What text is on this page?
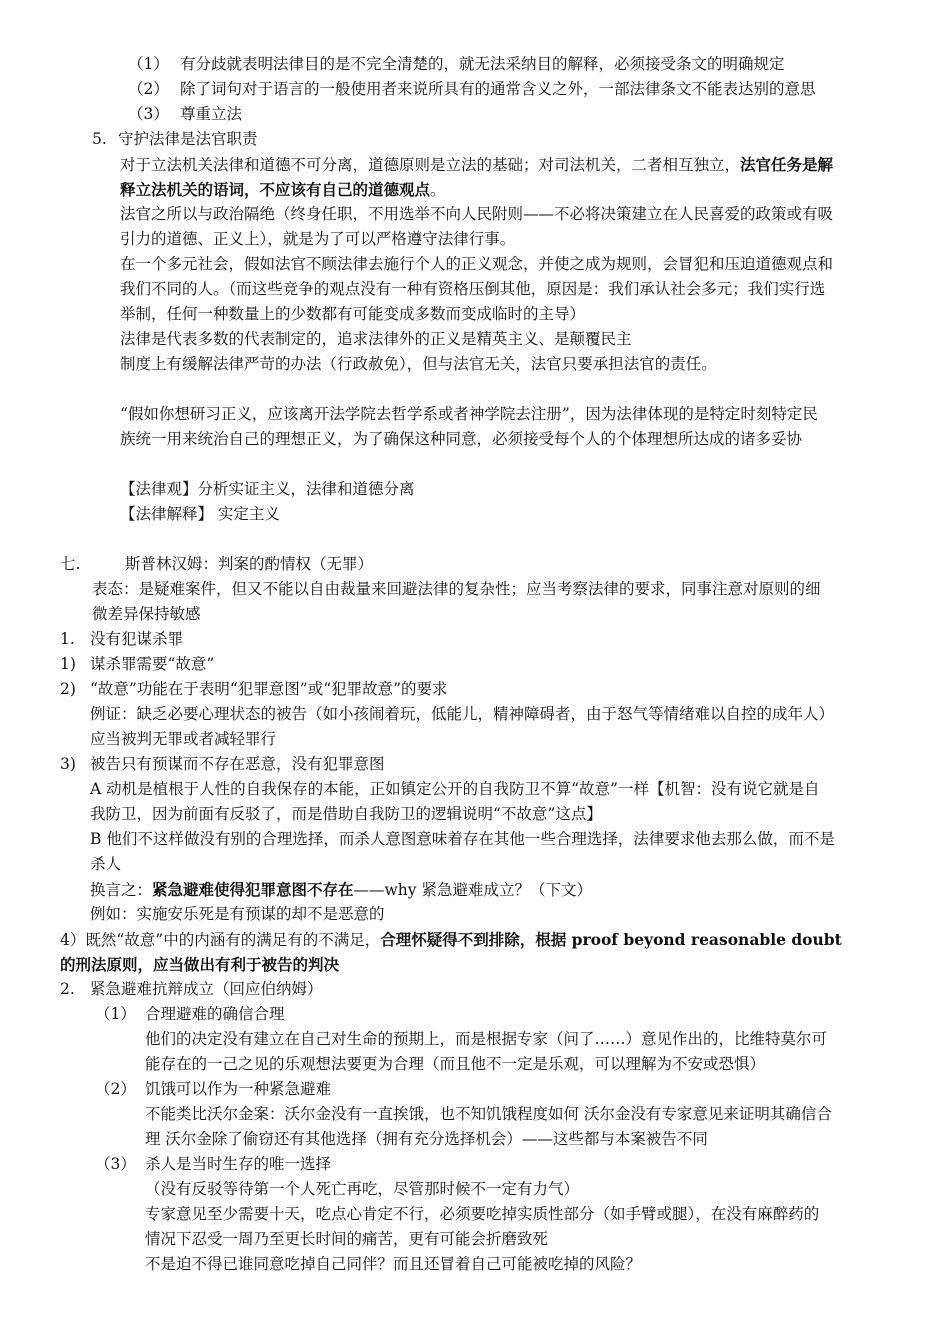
（1） 有分歧就表明法律目的是不完全清楚的，就无法采纳目的解释，必须接受条文的明确规定
（2） 除了词句对于语言的一般使用者来说所具有的通常含义之外，一部法律条文不能表达别的意思
（3） 尊重立法
5. 守护法律是法官职责
对于立法机关法律和道德不可分离，道德原则是立法的基础；对司法机关，二者相互独立，法官任务是解
释立法机关的语词，不应该有自己的道德观点。
法官之所以与政治隔绝（终身任职，不用选举不向人民附则——不必将决策建立在人民喜爱的政策或有吸
引力的道德、正义上），就是为了可以严格遵守法律行事。
在一个多元社会，假如法官不顾法律去施行个人的正义观念，并使之成为规则，会冒犯和压迫道德观点和
我们不同的人。（而这些竞争的观点没有一种有资格压倒其他，原因是：我们承认社会多元；我们实行选
举制，任何一种数量上的少数都有可能变成多数而变成临时的主导）
法律是代表多数的代表制定的，追求法律外的正义是精英主义、是颠覆民主
制度上有缓解法律严苛的办法（行政赦免），但与法官无关，法官只要承担法官的责任。
“假如你想研习正义，应该离开法学院去哲学系或者神学院去注册”，因为法律体现的是特定时刻特定民
族统一用来统治自己的理想正义，为了确保这种同意，必须接受每个人的个体理想所达成的诸多妥协
【法律观】分析实证主义，法律和道德分离
【法律解释】 实定主义
七.	斯普林汉姆：判案的酌情权（无罪）
表态：是疑难案件，但又不能以自由裁量来回避法律的复杂性；应当考察法律的要求，同事注意对原则的细
微差异保持敏感
1. 没有犯谋杀罪
1) 谋杀罪需要“故意”
2) “故意”功能在于表明“犯罪意图”或“犯罪故意”的要求
例证：缺乏必要心理状态的被告（如小孩闹着玩，低能儿，精神障碍者，由于怒气等情绪难以自控的成年人）
应当被判无罪或者减轻罪行
3) 被告只有预谋而不存在恶意，没有犯罪意图
A 动机是植根于人性的自我保存的本能，正如镇定公开的自我防卫不算“故意”一样【机智：没有说它就是自
我防卫，因为前面有反驳了，而是借助自我防卫的逻辑说明“不故意”这点】
B 他们不这样做没有别的合理选择，而杀人意图意味着存在其他一些合理选择，法律要求他去那么做，而不是
杀人
换言之：紧急避难使得犯罪意图不存在——why 紧急避难成立？（下文）
例如：实施安乐死是有预谋的却不是恶意的
4）既然“故意”中的内涵有的满足有的不满足，合理怀疑得不到排除，根据 proof beyond reasonable doubt
的刑法原则，应当做出有利于被告的判决
2. 紧急避难抗辩成立（回应伯纳姆）
（1） 合理避难的确信合理
他们的决定没有建立在自己对生命的预期上，而是根据专家（问了……）意见作出的，比维特莫尔可
能存在的一己之见的乐观想法要更为合理（而且他不一定是乐观，可以理解为不安或恐惧）
（2） 饥饿可以作为一种紧急避难
不能类比沃尔金案：沃尔金没有一直挨饿，也不知饥饿程度如何 沃尔金没有专家意见来证明其确信合
理 沃尔金除了偷窃还有其他选择（拥有充分选择机会）——这些都与本案被告不同
（3） 杀人是当时生存的唯一选择
（没有反驳等待第一个人死亡再吃，尽管那时候不一定有力气）
专家意见至少需要十天，吃点心肯定不行，必须要吃掉实质性部分（如手臂或腿），在没有麻醉药的
情况下忍受一周乃至更长时间的痛苦，更有可能会折磨致死
不是迫不得已谁同意吃掉自己同伴？而且还冒着自己可能被吃掉的风险？
